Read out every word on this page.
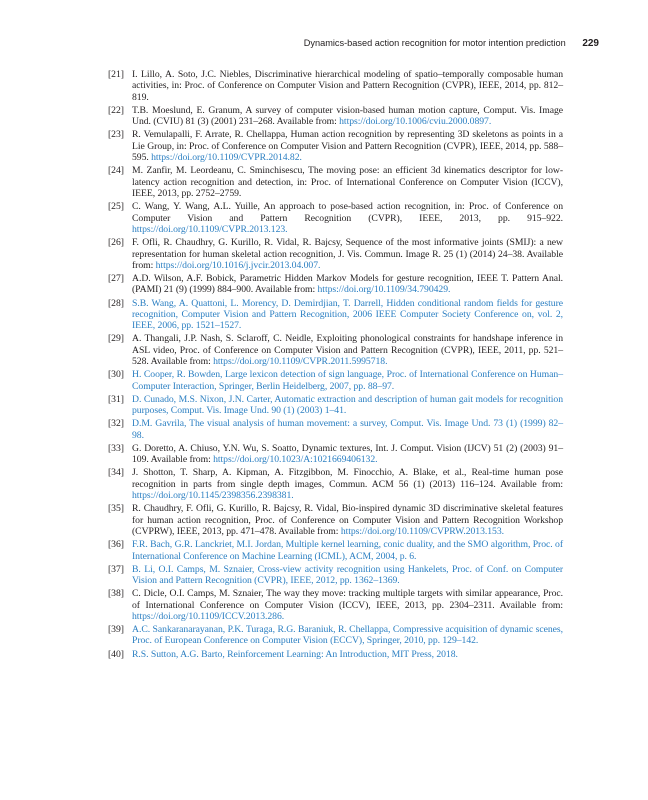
Dynamics-based action recognition for motor intention prediction 229
[21] I. Lillo, A. Soto, J.C. Niebles, Discriminative hierarchical modeling of spatio–temporally composable human activities, in: Proc. of Conference on Computer Vision and Pattern Recognition (CVPR), IEEE, 2014, pp. 812–819.
[22] T.B. Moeslund, E. Granum, A survey of computer vision-based human motion capture, Comput. Vis. Image Und. (CVIU) 81 (3) (2001) 231–268. Available from: https://doi.org/10.1006/cviu.2000.0897.
[23] R. Vemulapalli, F. Arrate, R. Chellappa, Human action recognition by representing 3D skeletons as points in a Lie Group, in: Proc. of Conference on Computer Vision and Pattern Recognition (CVPR), IEEE, 2014, pp. 588–595. https://doi.org/10.1109/CVPR.2014.82.
[24] M. Zanfir, M. Leordeanu, C. Sminchisescu, The moving pose: an efficient 3d kinematics descriptor for low-latency action recognition and detection, in: Proc. of International Conference on Computer Vision (ICCV), IEEE, 2013, pp. 2752–2759.
[25] C. Wang, Y. Wang, A.L. Yuille, An approach to pose-based action recognition, in: Proc. of Conference on Computer Vision and Pattern Recognition (CVPR), IEEE, 2013, pp. 915–922. https://doi.org/10.1109/CVPR.2013.123.
[26] F. Ofli, R. Chaudhry, G. Kurillo, R. Vidal, R. Bajcsy, Sequence of the most informative joints (SMIJ): a new representation for human skeletal action recognition, J. Vis. Commun. Image R. 25 (1) (2014) 24–38. Available from: https://doi.org/10.1016/j.jvcir.2013.04.007.
[27] A.D. Wilson, A.F. Bobick, Parametric Hidden Markov Models for gesture recognition, IEEE T. Pattern Anal. (PAMI) 21 (9) (1999) 884–900. Available from: https://doi.org/10.1109/34.790429.
[28] S.B. Wang, A. Quattoni, L. Morency, D. Demirdjian, T. Darrell, Hidden conditional random fields for gesture recognition, Computer Vision and Pattern Recognition, 2006 IEEE Computer Society Conference on, vol. 2, IEEE, 2006, pp. 1521–1527.
[29] A. Thangali, J.P. Nash, S. Sclaroff, C. Neidle, Exploiting phonological constraints for handshape inference in ASL video, Proc. of Conference on Computer Vision and Pattern Recognition (CVPR), IEEE, 2011, pp. 521–528. Available from: https://doi.org/10.1109/CVPR.2011.5995718.
[30] H. Cooper, R. Bowden, Large lexicon detection of sign language, Proc. of International Conference on Human–Computer Interaction, Springer, Berlin Heidelberg, 2007, pp. 88–97.
[31] D. Cunado, M.S. Nixon, J.N. Carter, Automatic extraction and description of human gait models for recognition purposes, Comput. Vis. Image Und. 90 (1) (2003) 1–41.
[32] D.M. Gavrila, The visual analysis of human movement: a survey, Comput. Vis. Image Und. 73 (1) (1999) 82–98.
[33] G. Doretto, A. Chiuso, Y.N. Wu, S. Soatto, Dynamic textures, Int. J. Comput. Vision (IJCV) 51 (2) (2003) 91–109. Available from: https://doi.org/10.1023/A:1021669406132.
[34] J. Shotton, T. Sharp, A. Kipman, A. Fitzgibbon, M. Finocchio, A. Blake, et al., Real-time human pose recognition in parts from single depth images, Commun. ACM 56 (1) (2013) 116–124. Available from: https://doi.org/10.1145/2398356.2398381.
[35] R. Chaudhry, F. Ofli, G. Kurillo, R. Bajcsy, R. Vidal, Bio-inspired dynamic 3D discriminative skeletal features for human action recognition, Proc. of Conference on Computer Vision and Pattern Recognition Workshop (CVPRW), IEEE, 2013, pp. 471–478. Available from: https://doi.org/10.1109/CVPRW.2013.153.
[36] F.R. Bach, G.R. Lanckriet, M.I. Jordan, Multiple kernel learning, conic duality, and the SMO algorithm, Proc. of International Conference on Machine Learning (ICML), ACM, 2004, p. 6.
[37] B. Li, O.I. Camps, M. Sznaier, Cross-view activity recognition using Hankelets, Proc. of Conf. on Computer Vision and Pattern Recognition (CVPR), IEEE, 2012, pp. 1362–1369.
[38] C. Dicle, O.I. Camps, M. Sznaier, The way they move: tracking multiple targets with similar appearance, Proc. of International Conference on Computer Vision (ICCV), IEEE, 2013, pp. 2304–2311. Available from: https://doi.org/10.1109/ICCV.2013.286.
[39] A.C. Sankaranarayanan, P.K. Turaga, R.G. Baraniuk, R. Chellappa, Compressive acquisition of dynamic scenes, Proc. of European Conference on Computer Vision (ECCV), Springer, 2010, pp. 129–142.
[40] R.S. Sutton, A.G. Barto, Reinforcement Learning: An Introduction, MIT Press, 2018.
